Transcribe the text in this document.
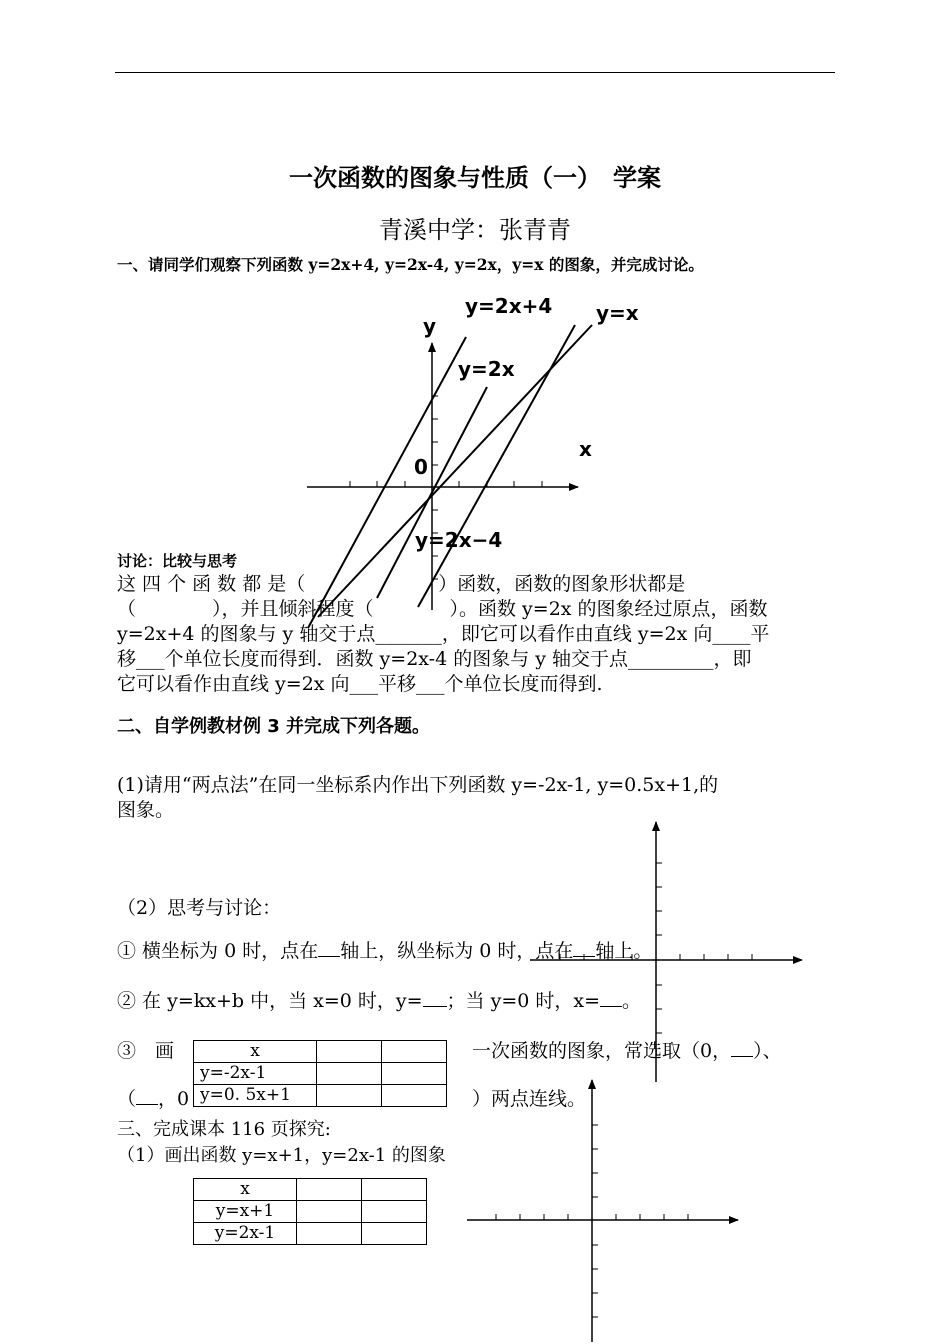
一次函数的图象与性质（一）　学案
青溪中学：张青青
一、请同学们观察下列函数 y=2x+4, y=2x-4, y=2x，y=x 的图象，并完成讨论。
y
x
0
y=2x+4 y=x
y=2x
y=2x−4
讨论：比较与思考
这 四 个 函 数 都 是（　　　　　　　）函数，函数的图象形状都是
（　　　　），并且倾斜程度（　　　　）。函数 y=2x 的图象经过原点，函数
y=2x+4 的图象与 y 轴交于点_______，即它可以看作由直线 y=2x 向____平
移___个单位长度而得到．函数 y=2x-4 的图象与 y 轴交于点_________，即
它可以看作由直线 y=2x 向___平移___个单位长度而得到.
二、自学例教材例 3 并完成下列各题。
(1)请用“两点法”在同一坐标系内作出下列函数 y=-2x-1, y=0.5x+1,的
图象。
（2）思考与讨论：
① 横坐标为 0 时，点在 轴上，纵坐标为 0 时，点在 轴上。
② 在 y=kx+b 中，当 x=0 时，y= ；当 y=0 时，x= 。
③　画	x		
y=-2x-1		
y=0. 5x+1		
一次函数的图象，常选取（0， ）、
（ ，0	）两点连线。
三、完成课本 116 页探究:
（1）画出函数 y=x+1，y=2x-1 的图象
x		
y=x+1		
y=2x-1		
